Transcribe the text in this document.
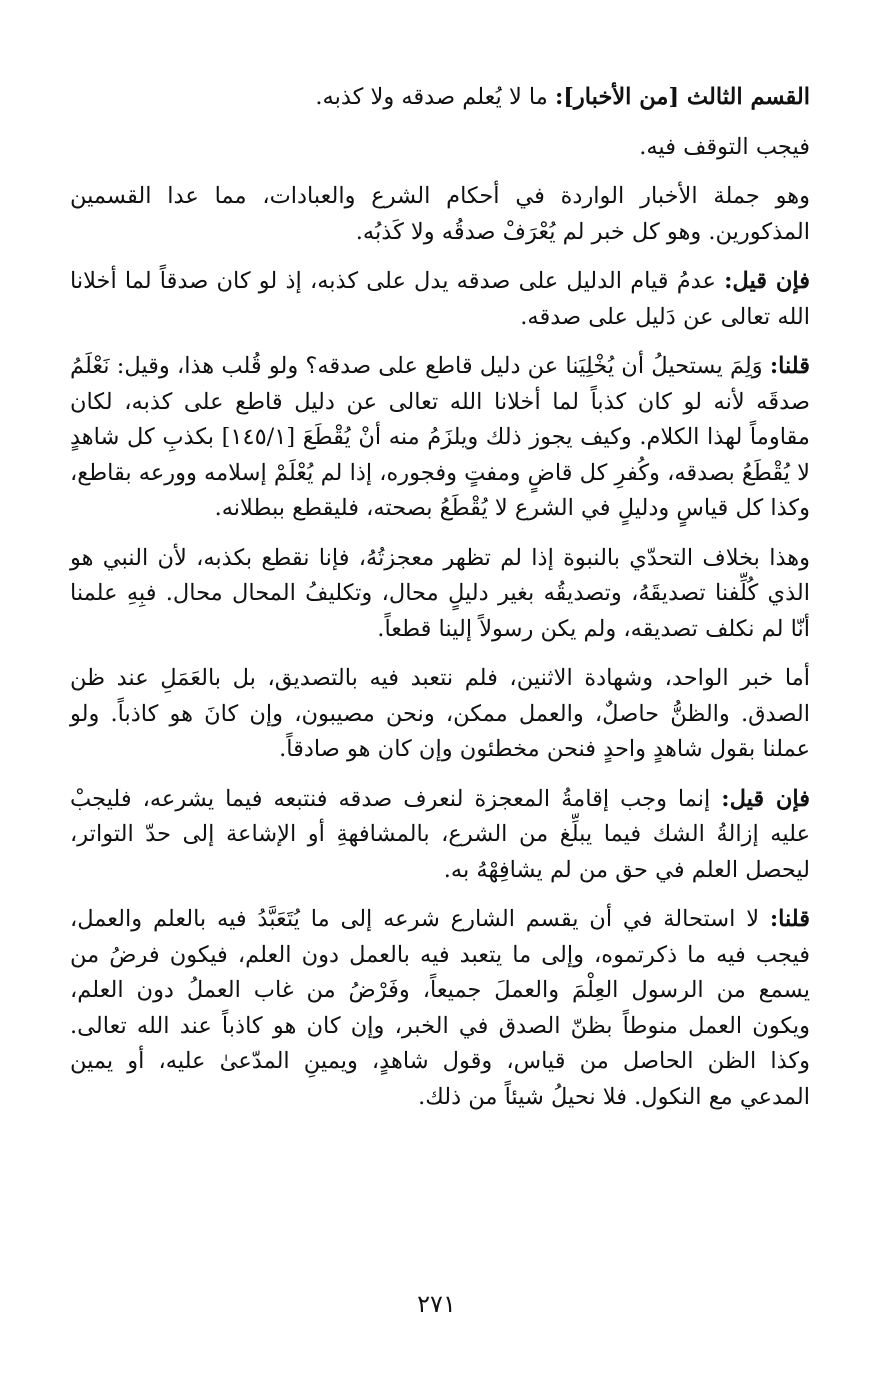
القسم الثالث [من الأخبار]: ما لا يُعلم صدقه ولا كذبه.

فيجب التوقف فيه.

وهو جملة الأخبار الواردة في أحكام الشرع والعبادات، مما عدا القسمين المذكورين. وهو كل خبر لم يُعْرَفْ صدقُه ولا كَذبُه.

فإن قيل: عدمُ قيام الدليل على صدقه يدل على كذبه، إذ لو كان صدقاً لما أخلانا الله تعالى عن دَليل على صدقه.

قلنا: وَلِمَ يستحيلُ أن يُخْلِيَنا عن دليل قاطع على صدقه؟ ولو قُلب هذا، وقيل: نَعْلَمُ صدقَه لأنه لو كان كذباً لما أخلانا الله تعالى عن دليل قاطع على كذبه، لكان مقاوماً لهذا الكلام. وكيف يجوز ذلك ويلزَمُ منه أنْ يُقْطَعَ [١٤٥/١] بكذبِ كل شاهدٍ لا يُقْطَعُ بصدقه، وكُفرِ كل قاضٍ ومفتٍ وفجوره، إذا لم يُعْلَمْ إسلامه وورعه بقاطع، وكذا كل قياسٍ ودليلٍ في الشرع لا يُقْطَعُ بصحته، فليقطع ببطلانه.

وهذا بخلاف التحدّي بالنبوة إذا لم تظهر معجزتُهُ، فإنا نقطع بكذبه، لأن النبي هو الذي كُلِّفنا تصديقَهُ، وتصديقُه بغير دليلٍ محال، وتكليفُ المحال محال. فبِهِ علمنا أنّا لم نكلف تصديقه، ولم يكن رسولاً إلينا قطعاً.

أما خبر الواحد، وشهادة الاثنين، فلم نتعبد فيه بالتصديق، بل بالعَمَلِ عند ظن الصدق. والظنُّ حاصلٌ، والعمل ممكن، ونحن مصيبون، وإن كانَ هو كاذباً. ولو عملنا بقول شاهدٍ واحدٍ فنحن مخطئون وإن كان هو صادقاً.

فإن قيل: إنما وجب إقامةُ المعجزة لنعرف صدقه فنتبعه فيما يشرعه، فليجبْ عليه إزالةُ الشك فيما يبلِّغ من الشرع، بالمشافهةِ أو الإشاعة إلى حدّ التواتر، ليحصل العلم في حق من لم يشافِهْهُ به.

قلنا: لا استحالة في أن يقسم الشارع شرعه إلى ما يُتَعَبَّدُ فيه بالعلم والعمل، فيجب فيه ما ذكرتموه، وإلى ما يتعبد فيه بالعمل دون العلم، فيكون فرضُ من يسمع من الرسول العِلْمَ والعملَ جميعاً، وفَرْضُ من غاب العملُ دون العلم، ويكون العمل منوطاً بظنّ الصدق في الخبر، وإن كان هو كاذباً عند الله تعالى. وكذا الظن الحاصل من قياس، وقول شاهدٍ، ويمينِ المدّعىٰ عليه، أو يمين المدعي مع النكول. فلا نحيلُ شيئاً من ذلك.

٢٧١
